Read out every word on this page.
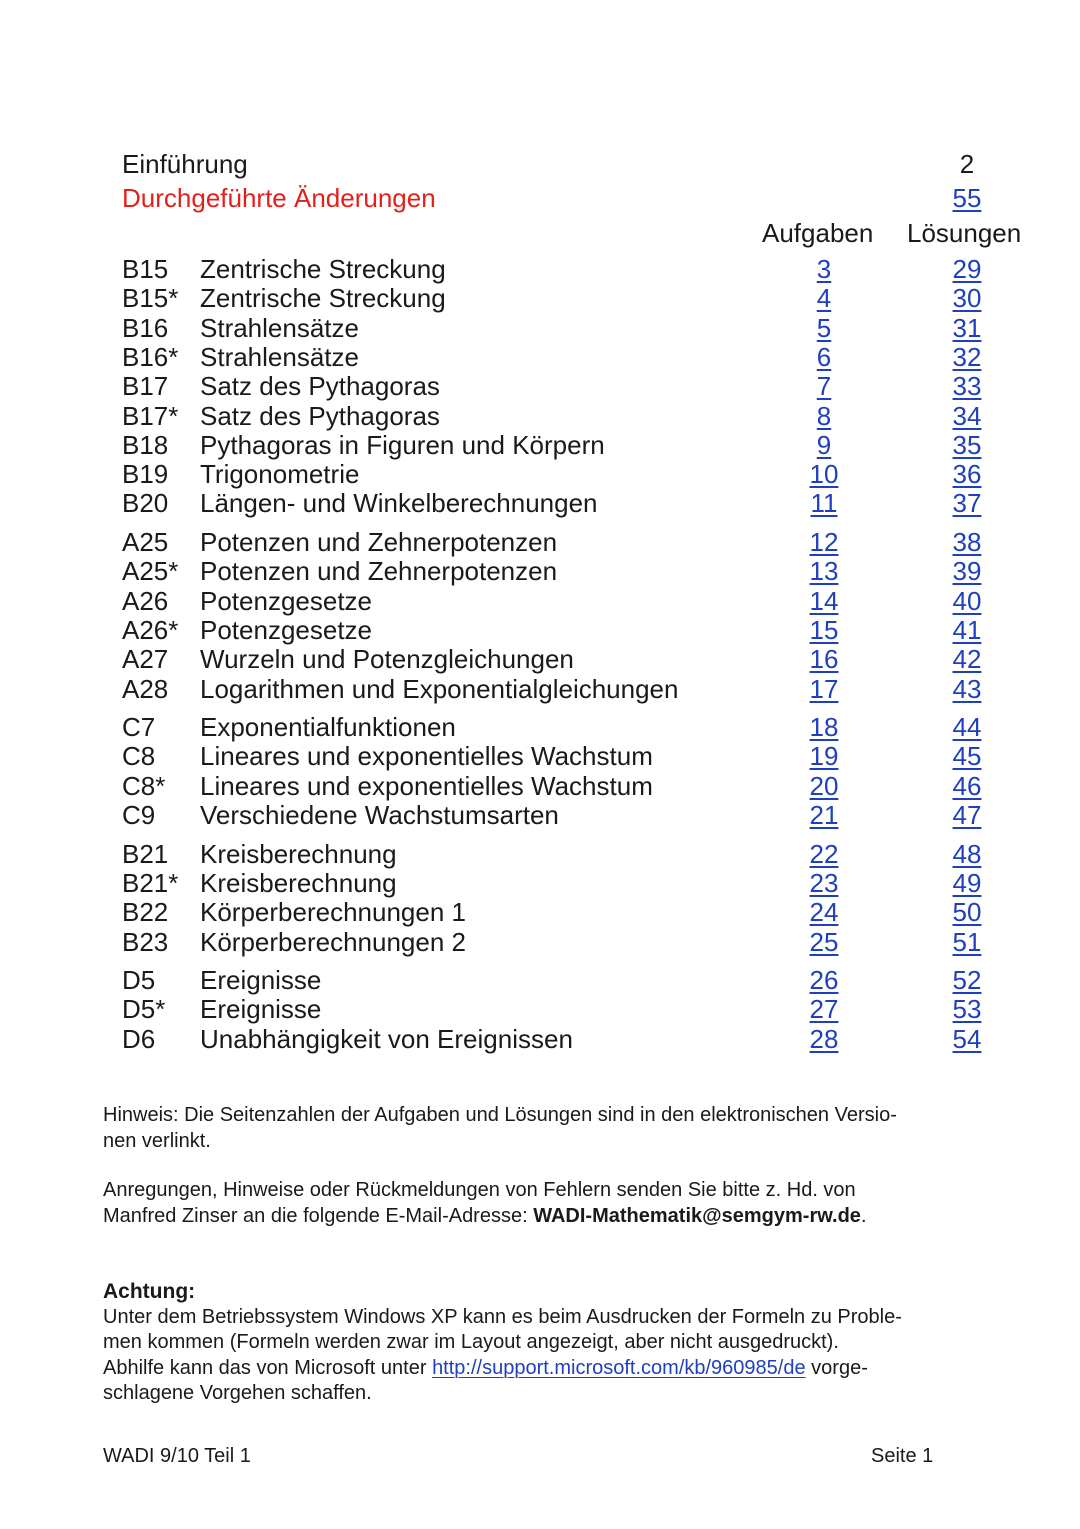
Einführung	2
Durchgeführte Änderungen	55
Aufgaben Lösungen
B15 Zentrische Streckung	3	29
B15* Zentrische Streckung	4	30
B16 Strahlensätze	5	31
B16* Strahlensätze	6	32
B17 Satz des Pythagoras	7	33
B17* Satz des Pythagoras	8	34
B18 Pythagoras in Figuren und Körpern	9	35
B19 Trigonometrie	10	36
B20 Längen- und Winkelberechnungen	11	37
A25 Potenzen und Zehnerpotenzen	12	38
A25* Potenzen und Zehnerpotenzen	13	39
A26 Potenzgesetze	14	40
A26* Potenzgesetze	15	41
A27 Wurzeln und Potenzgleichungen	16	42
A28 Logarithmen und Exponentialgleichungen	17	43
C7 Exponentialfunktionen	18	44
C8 Lineares und exponentielles Wachstum	19	45
C8* Lineares und exponentielles Wachstum	20	46
C9 Verschiedene Wachstumsarten	21	47
B21 Kreisberechnung	22	48
B21* Kreisberechnung	23	49
B22 Körperberechnungen 1	24	50
B23 Körperberechnungen 2	25	51
D5 Ereignisse	26	52
D5* Ereignisse	27	53
D6 Unabhängigkeit von Ereignissen	28	54
Hinweis: Die Seitenzahlen der Aufgaben und Lösungen sind in den elektronischen Versio-
nen verlinkt.
Anregungen, Hinweise oder Rückmeldungen von Fehlern senden Sie bitte z. Hd. von
Manfred Zinser an die folgende E-Mail-Adresse: WADI-Mathematik@semgym-rw.de.
Achtung:
Unter dem Betriebssystem Windows XP kann es beim Ausdrucken der Formeln zu Proble-
men kommen (Formeln werden zwar im Layout angezeigt, aber nicht ausgedruckt).
Abhilfe kann das von Microsoft unter http://support.microsoft.com/kb/960985/de vorge-
schlagene Vorgehen schaffen.
WADI 9/10 Teil 1	Seite 1
